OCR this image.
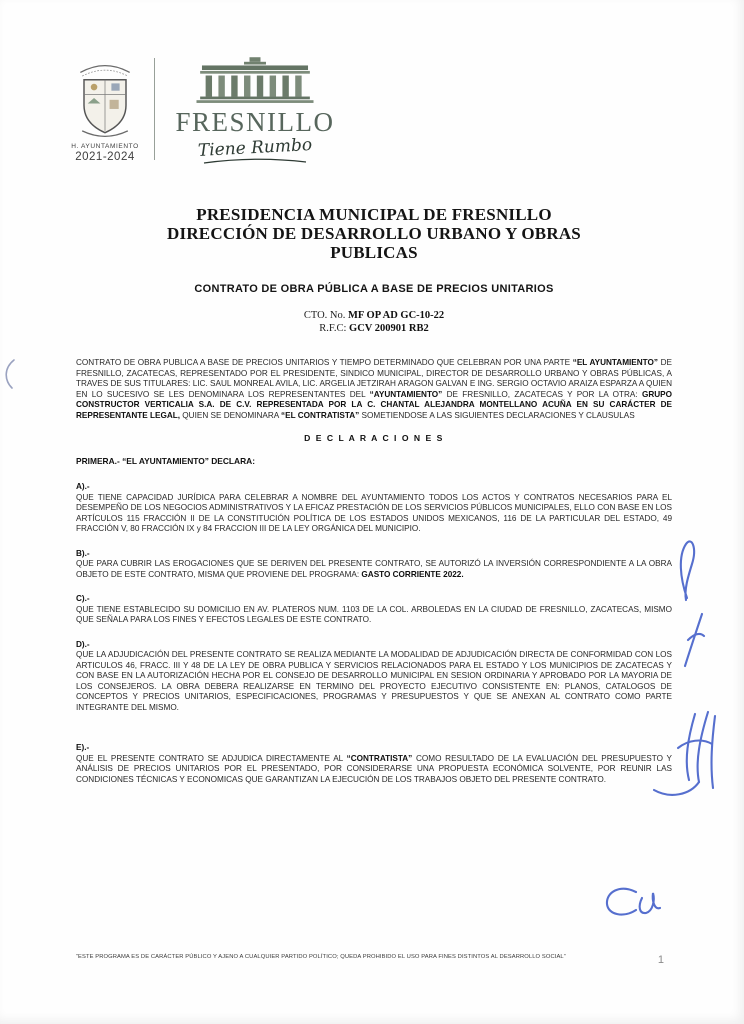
H. AYUNTAMIENTO
2021-2024
FRESNILLO
Tiene Rumbo
PRESIDENCIA MUNICIPAL DE FRESNILLO
DIRECCIÓN DE DESARROLLO URBANO Y OBRAS
PUBLICAS
CONTRATO DE OBRA PÚBLICA A BASE DE PRECIOS UNITARIOS
CTO. No. MF OP AD GC-10-22
R.F.C: GCV 200901 RB2

CONTRATO DE OBRA PUBLICA A BASE DE PRECIOS UNITARIOS Y TIEMPO DETERMINADO QUE CELEBRAN POR UNA PARTE “EL AYUNTAMIENTO” DE FRESNILLO, ZACATECAS, REPRESENTADO POR EL PRESIDENTE, SINDICO MUNICIPAL, DIRECTOR DE DESARROLLO URBANO Y OBRAS PÚBLICAS, A TRAVES DE SUS TITULARES: LIC. SAUL MONREAL AVILA, LIC. ARGELIA JETZIRAH ARAGON GALVAN E ING. SERGIO OCTAVIO ARAIZA ESPARZA A QUIEN EN LO SUCESIVO SE LES DENOMINARA LOS REPRESENTANTES DEL “AYUNTAMIENTO” DE FRESNILLO, ZACATECAS Y POR LA OTRA: GRUPO CONSTRUCTOR VERTICALIA S.A. DE C.V. REPRESENTADA POR LA C. CHANTAL ALEJANDRA MONTELLANO ACUÑA EN SU CARÁCTER DE REPRESENTANTE LEGAL, QUIEN SE DENOMINARA “EL CONTRATISTA” SOMETIENDOSE A LAS SIGUIENTES DECLARACIONES Y CLAUSULAS

D E C L A R A C I O N E S
PRIMERA.- “EL AYUNTAMIENTO” DECLARA:
A).-
QUE TIENE CAPACIDAD JURÍDICA PARA CELEBRAR A NOMBRE DEL AYUNTAMIENTO TODOS LOS ACTOS Y CONTRATOS NECESARIOS PARA EL DESEMPEÑO DE LOS NEGOCIOS ADMINISTRATIVOS Y LA EFICAZ PRESTACIÓN DE LOS SERVICIOS PÚBLICOS MUNICIPALES, ELLO CON BASE EN LOS ARTÍCULOS 115 FRACCIÓN II DE LA CONSTITUCIÓN POLÍTICA DE LOS ESTADOS UNIDOS MEXICANOS, 116 DE LA PARTICULAR DEL ESTADO, 49 FRACCIÓN V, 80 FRACCIÓN IX y 84 FRACCION III DE LA LEY ORGÁNICA DEL MUNICIPIO.
B).-
QUE PARA CUBRIR LAS EROGACIONES QUE SE DERIVEN DEL PRESENTE CONTRATO, SE AUTORIZÓ LA INVERSIÓN CORRESPONDIENTE A LA OBRA OBJETO DE ESTE CONTRATO, MISMA QUE PROVIENE DEL PROGRAMA: GASTO CORRIENTE 2022.
C).-
QUE TIENE ESTABLECIDO SU DOMICILIO EN AV. PLATEROS NUM. 1103 DE LA COL. ARBOLEDAS EN LA CIUDAD DE FRESNILLO, ZACATECAS, MISMO QUE SEÑALA PARA LOS FINES Y EFECTOS LEGALES DE ESTE CONTRATO.
D).-
QUE LA ADJUDICACIÓN DEL PRESENTE CONTRATO SE REALIZA MEDIANTE LA MODALIDAD DE ADJUDICACIÓN DIRECTA DE CONFORMIDAD CON LOS ARTICULOS 46, FRACC. III Y 48 DE LA LEY DE OBRA PUBLICA Y SERVICIOS RELACIONADOS PARA EL ESTADO Y LOS MUNICIPIOS DE ZACATECAS Y CON BASE EN LA AUTORIZACIÓN HECHA POR EL CONSEJO DE DESARROLLO MUNICIPAL EN SESION ORDINARIA Y APROBADO POR LA MAYORIA DE LOS CONSEJEROS. LA OBRA DEBERA REALIZARSE EN TERMINO DEL PROYECTO EJECUTIVO CONSISTENTE EN: PLANOS, CATALOGOS DE CONCEPTOS Y PRECIOS UNITARIOS, ESPECIFICACIONES, PROGRAMAS Y PRESUPUESTOS Y QUE SE ANEXAN AL CONTRATO COMO PARTE INTEGRANTE DEL MISMO.
E).-
QUE EL PRESENTE CONTRATO SE ADJUDICA DIRECTAMENTE AL “CONTRATISTA” COMO RESULTADO DE LA EVALUACIÓN DEL PRESUPUESTO Y ANÁLISIS DE PRECIOS UNITARIOS POR EL PRESENTADO, POR CONSIDERARSE UNA PROPUESTA ECONÓMICA SOLVENTE, POR REUNIR LAS CONDICIONES TÉCNICAS Y ECONOMICAS QUE GARANTIZAN LA EJECUCIÓN DE LOS TRABAJOS OBJETO DEL PRESENTE CONTRATO.
“ESTE PROGRAMA ES DE CARÁCTER PÚBLICO Y AJENO A CUALQUIER PARTIDO POLÍTICO; QUEDA PROHIBIDO EL USO PARA FINES DISTINTOS AL DESARROLLO SOCIAL”	1
